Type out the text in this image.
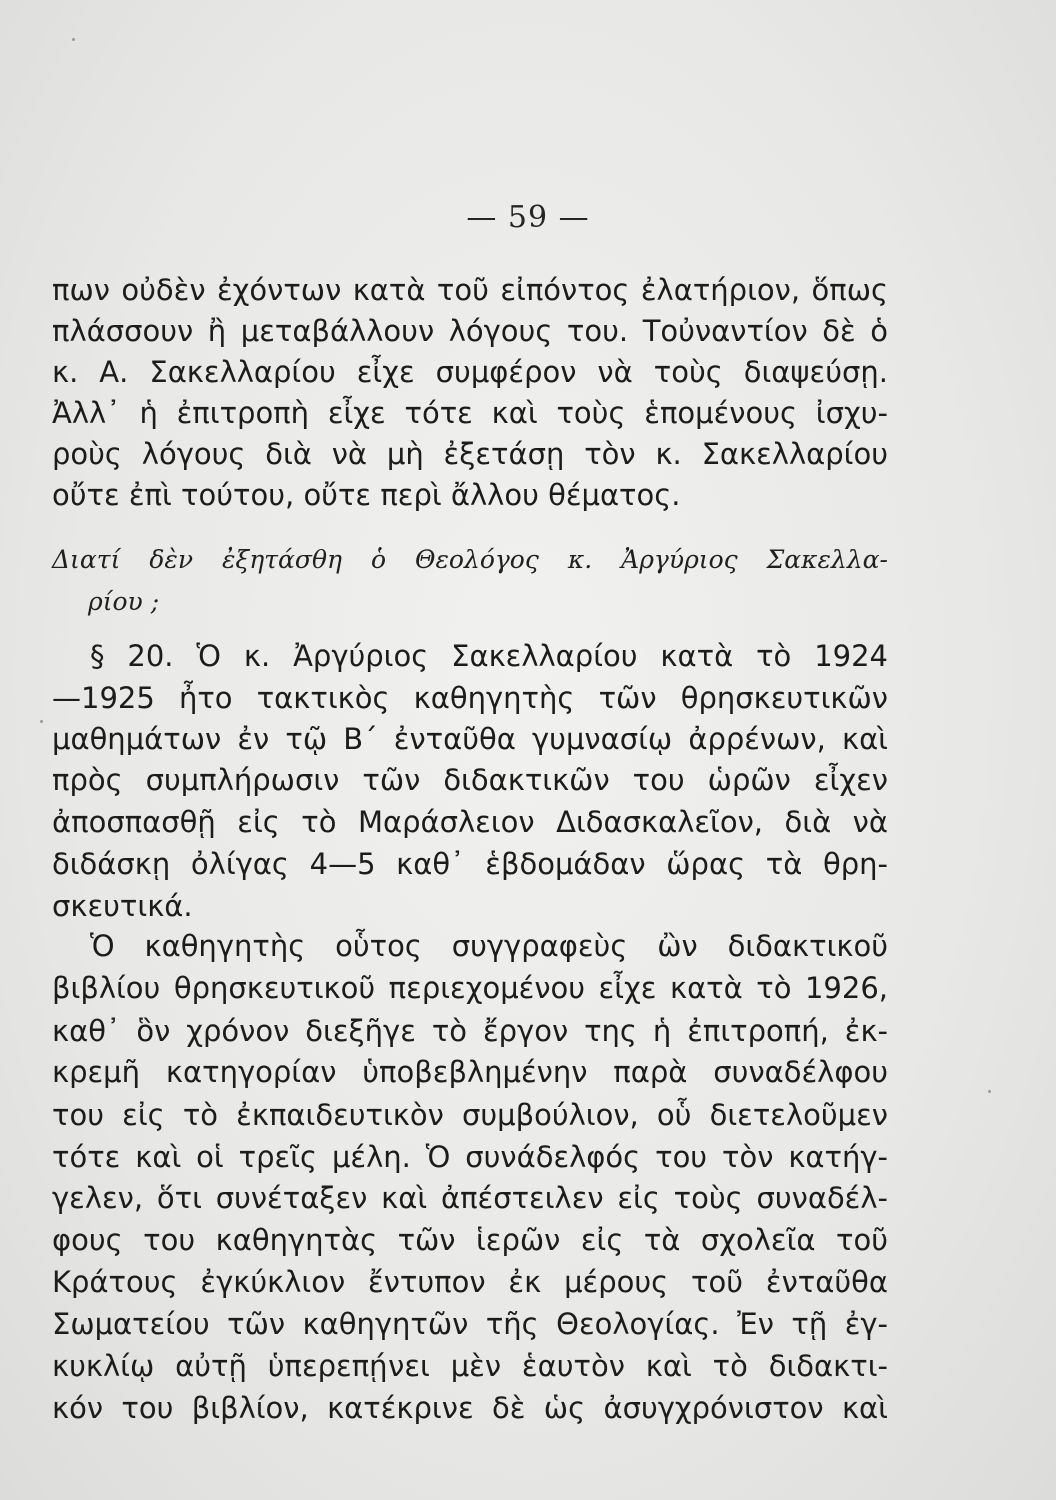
— 59 —
πων οὐδὲν ἐχόντων κατὰ τοῦ εἰπόντος ἐλατήριον, ὅπως
πλάσσουν ἢ μεταβάλλουν λόγους του. Τοὐναντίον δὲ ὁ
κ. Α. Σακελλαρίου εἶχε συμφέρον νὰ τοὺς διαψεύσῃ.
Ἀλλ᾽ ἡ ἐπιτροπὴ εἶχε τότε καὶ τοὺς ἑπομένους ἰσχυ-
ροὺς λόγους διὰ νὰ μὴ ἐξετάσῃ τὸν κ. Σακελλαρίου
οὔτε ἐπὶ τούτου, οὔτε περὶ ἄλλου θέματος.
Διατί δὲν ἐξητάσθη ὁ Θεολόγος κ. Ἀργύριος Σακελλα-
ρίου ;
§ 20. Ὁ κ. Ἀργύριος Σακελλαρίου κατὰ τὸ 1924
—1925 ἦτο τακτικὸς καθηγητὴς τῶν θρησκευτικῶν
μαθημάτων ἐν τῷ Β΄ ἐνταῦθα γυμνασίῳ ἀρρένων, καὶ
πρὸς συμπλήρωσιν τῶν διδακτικῶν του ὡρῶν εἶχεν
ἀποσπασθῇ εἰς τὸ Μαράσλειον Διδασκαλεῖον, διὰ νὰ
διδάσκῃ ὀλίγας 4—5 καθ᾽ ἑβδομάδαν ὥρας τὰ θρη-
σκευτικά.
Ὁ καθηγητὴς οὗτος συγγραφεὺς ὢν διδακτικοῦ
βιβλίου θρησκευτικοῦ περιεχομένου εἶχε κατὰ τὸ 1926,
καθ᾽ ὃν χρόνον διεξῆγε τὸ ἔργον της ἡ ἐπιτροπή, ἐκ-
κρεμῆ κατηγορίαν ὑποβεβλημένην παρὰ συναδέλφου
του εἰς τὸ ἐκπαιδευτικὸν συμβούλιον, οὗ διετελοῦμεν
τότε καὶ οἱ τρεῖς μέλη. Ὁ συνάδελφός του τὸν κατήγ-
γελεν, ὅτι συνέταξεν καὶ ἀπέστειλεν εἰς τοὺς συναδέλ-
φους του καθηγητὰς τῶν ἱερῶν εἰς τὰ σχολεῖα τοῦ
Κράτους ἐγκύκλιον ἔντυπον ἐκ μέρους τοῦ ἐνταῦθα
Σωματείου τῶν καθηγητῶν τῆς Θεολογίας. Ἐν τῇ ἐγ-
κυκλίῳ αὐτῇ ὑπερεπῄνει μὲν ἑαυτὸν καὶ τὸ διδακτι-
κόν του βιβλίον, κατέκρινε δὲ ὡς ἀσυγχρόνιστον καὶ
